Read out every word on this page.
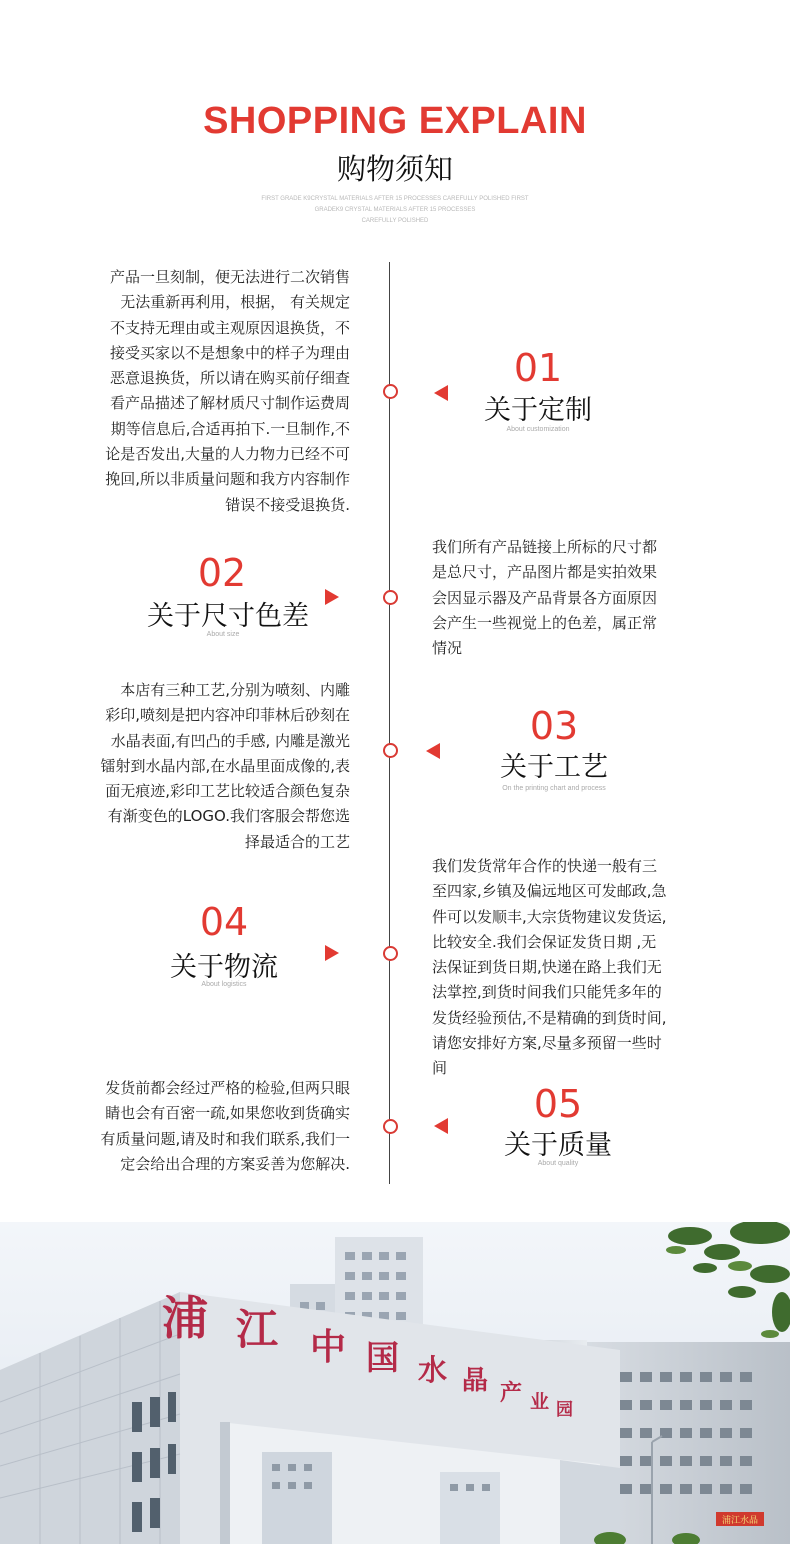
SHOPPING EXPLAIN
购物须知
FIRST GRADE K9CRYSTAL MATERIALS AFTER 15 PROCESSES CAREFULLY POLISHED FIRST
GRADEK9 CRYSTAL MATERIALS AFTER 15 PROCESSES
CAREFULLY POLISHED
产品一旦刻制，便无法进行二次销售
无法重新再利用，根据， 有关规定
不支持无理由或主观原因退换货，不
接受买家以不是想象中的样子为理由
恶意退换货，所以请在购买前仔细查
看产品描述了解材质尺寸制作运费周
期等信息后,合适再拍下.一旦制作,不
论是否发出,大量的人力物力已经不可
挽回,所以非质量问题和我方内容制作
错误不接受退换货.
01
关于定制
About customization
02
关于尺寸色差
About size
我们所有产品链接上所标的尺寸都
是总尺寸，产品图片都是实拍效果
会因显示器及产品背景各方面原因
会产生一些视觉上的色差，属正常
情况
本店有三种工艺,分别为喷刻、内雕
彩印,喷刻是把内容冲印菲林后砂刻在
水晶表面,有凹凸的手感, 内雕是激光
镭射到水晶内部,在水晶里面成像的,表
面无痕迹,彩印工艺比较适合颜色复杂
有渐变色的LOGO.我们客服会帮您选
择最适合的工艺
03
关于工艺
On the printing chart and process
04
关于物流
About logistics
我们发货常年合作的快递一般有三
至四家,乡镇及偏远地区可发邮政,急
件可以发顺丰,大宗货物建议发货运,
比较安全.我们会保证发货日期 ,无
法保证到货日期,快递在路上我们无
法掌控,到货时间我们只能凭多年的
发货经验预估,不是精确的到货时间,
请您安排好方案,尽量多预留一些时
间
发货前都会经过严格的检验,但两只眼
睛也会有百密一疏,如果您收到货确实
有质量问题,请及时和我们联系,我们一
定会给出合理的方案妥善为您解决.
05
关于质量
About quality
浦江水晶
浦 江 中 国 水 晶 产 业 园
